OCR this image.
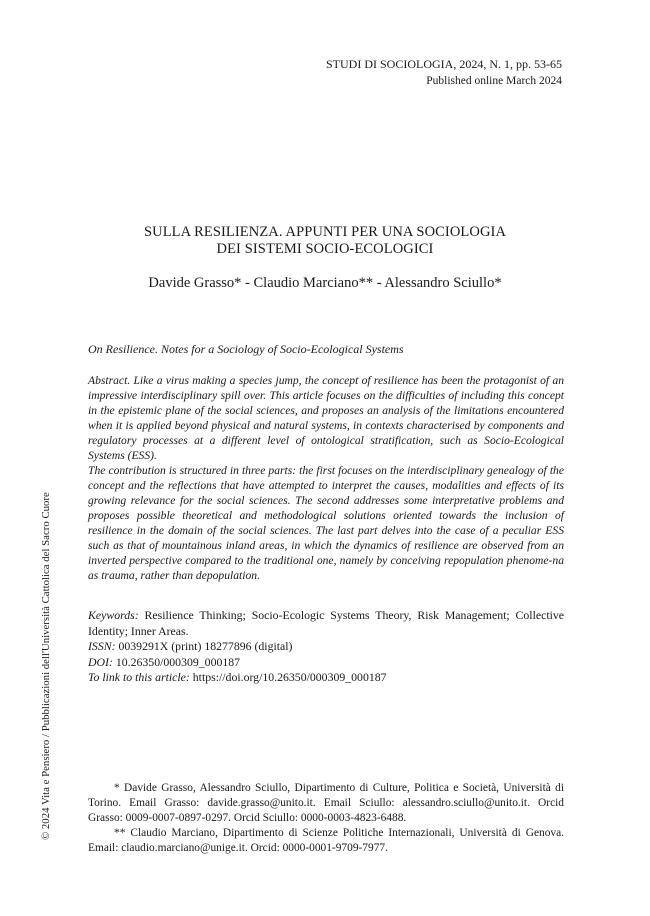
STUDI DI SOCIOLOGIA, 2024, N. 1, pp. 53-65
Published online March 2024
SULLA RESILIENZA. APPUNTI PER UNA SOCIOLOGIA
DEI SISTEMI SOCIO-ECOLOGICI
Davide Grasso* - Claudio Marciano** - Alessandro Sciullo*
On Resilience. Notes for a Sociology of Socio-Ecological Systems

Abstract. Like a virus making a species jump, the concept of resilience has been the protagonist of an impressive interdisciplinary spill over. This article focuses on the difficulties of including this concept in the epistemic plane of the social sciences, and proposes an analysis of the limitations encountered when it is applied beyond physical and natural systems, in contexts characterised by components and regulatory processes at a different level of ontological stratification, such as Socio-Ecological Systems (ESS).

The contribution is structured in three parts: the first focuses on the interdisciplinary genealogy of the concept and the reflections that have attempted to interpret the causes, modalities and effects of its growing relevance for the social sciences. The second addresses some interpretative problems and proposes possible theoretical and methodological solutions oriented towards the inclusion of resilience in the domain of the social sciences. The last part delves into the case of a peculiar ESS such as that of mountainous inland areas, in which the dynamics of resilience are observed from an inverted perspective compared to the traditional one, namely by conceiving repopulation phenome-na as trauma, rather than depopulation.

Keywords: Resilience Thinking; Socio-Ecologic Systems Theory, Risk Management; Collective Identity; Inner Areas.

ISSN: 0039291X (print) 18277896 (digital)

DOI: 10.26350/000309_000187

To link to this article: https://doi.org/10.26350/000309_000187

* Davide Grasso, Alessandro Sciullo, Dipartimento di Culture, Politica e Società, Università di Torino. Email Grasso: davide.grasso@unito.it. Email Sciullo: alessandro.sciullo@unito.it. Orcid Grasso: 0009-0007-0897-0297. Orcid Sciullo: 0000-0003-4823-6488.

** Claudio Marciano, Dipartimento di Scienze Politiche Internazionali, Università di Genova. Email: claudio.marciano@unige.it. Orcid: 0000-0001-9709-7977.

© 2024 Vita e Pensiero / Pubblicazioni dell'Università Cattolica del Sacro Cuore
